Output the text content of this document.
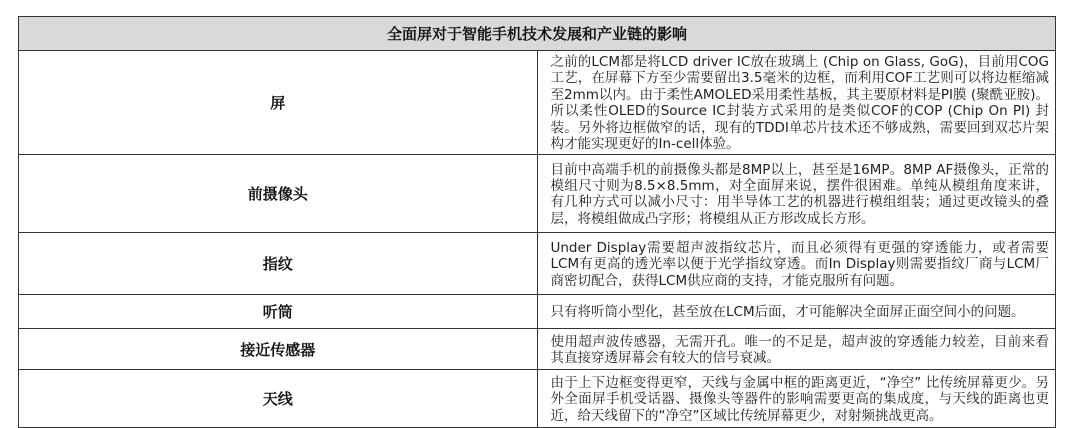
全面屏对于智能手机技术发展和产业链的影响	
屏	之前的LCM都是将LCD driver IC放在玻璃上 (Chip on Glass, GoG)，目前用COG工艺，在屏幕下方至少需要留出3.5毫米的边框，而利用COF工艺则可以将边框缩减至2mm以内。由于柔性AMOLED采用柔性基板，其主要原材料是PI膜 (聚酰亚胺)。所以柔性OLED的Source IC封装方式采用的是类似COF的COP (Chip On PI) 封装。另外将边框做窄的话，现有的TDDI单芯片技术还不够成熟，需要回到双芯片架构才能实现更好的In-cell体验。
前摄像头	目前中高端手机的前摄像头都是8MP以上，甚至是16MP。8MP AF摄像头，正常的模组尺寸则为8.5×8.5mm，对全面屏来说，摆件很困难。单纯从模组角度来讲，有几种方式可以减小尺寸：用半导体工艺的机器进行模组组装；通过更改镜头的叠层，将模组做成凸字形；将模组从正方形改成长方形。
指纹	Under Display需要超声波指纹芯片，而且必须得有更强的穿透能力，或者需要LCM有更高的透光率以便于光学指纹穿透。而In Display则需要指纹厂商与LCM厂商密切配合，获得LCM供应商的支持，才能克服所有问题。
听筒	只有将听筒小型化，甚至放在LCM后面，才可能解决全面屏正面空间小的问题。
接近传感器	使用超声波传感器，无需开孔。唯一的不足是，超声波的穿透能力较差，目前来看其直接穿透屏幕会有较大的信号衰减。
天线	由于上下边框变得更窄，天线与金属中框的距离更近，“净空” 比传统屏幕更少。另外全面屏手机受话器、摄像头等器件的影响需要更高的集成度，与天线的距离也更近，给天线留下的“净空”区域比传统屏幕更少，对射频挑战更高。
